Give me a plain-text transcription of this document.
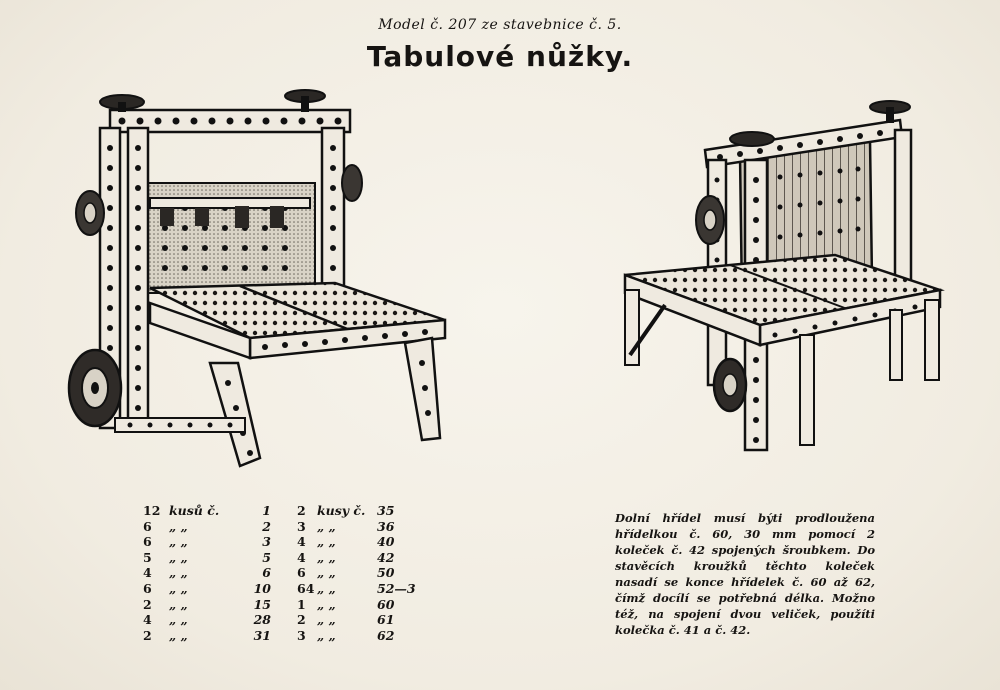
Model č. 207 ze stavebnice č. 5.
Tabulové nůžky.
12 kusů č.	1
6	„ „	2
6	„ „	3
5	„ „	5
4	„ „	6
6	„ „	10
2	„ „	15
4	„ „	28
2	„ „	31
2 kusy č. 35
3 „ „	36
4 „ „	40
4 „ „	42
6 „ „	50
64 „ „	52—3
1 „ „	60
2 „ „	61
3 „ „	62
Dolní hřídel musí býti prodloužena hřídelkou č. 60, 30 mm pomocí 2 koleček č. 42 spojených šroubkem. Do stavěcích kroužků těchto koleček nasadí se konce hřídelek č. 60 až 62, čímž docílí se potřebná délka. Možno též, na spojení dvou veliček, použíti kolečka č. 41 a č. 42.
